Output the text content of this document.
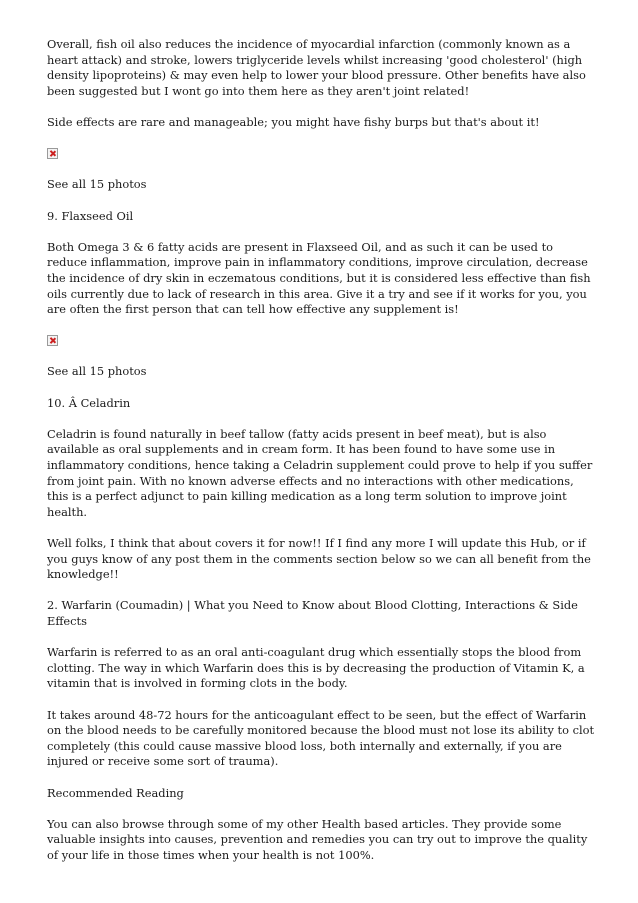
Overall, fish oil also reduces the incidence of myocardial infarction (commonly known as a heart attack) and stroke, lowers triglyceride levels whilst increasing 'good cholesterol' (high density lipoproteins) & may even help to lower your blood pressure. Other benefits have also been suggested but I wont go into them here as they aren't joint related!

Side effects are rare and manageable; you might have fishy burps but that's about it!

See all 15 photos

9. Flaxseed Oil

Both Omega 3 & 6 fatty acids are present in Flaxseed Oil, and as such it can be used to reduce inflammation, improve pain in inflammatory conditions, improve circulation, decrease the incidence of dry skin in eczematous conditions, but it is considered less effective than fish oils currently due to lack of research in this area. Give it a try and see if it works for you, you are often the first person that can tell how effective any supplement is!

See all 15 photos

10. Â Celadrin

Celadrin is found naturally in beef tallow (fatty acids present in beef meat), but is also available as oral supplements and in cream form. It has been found to have some use in inflammatory conditions, hence taking a Celadrin supplement could prove to help if you suffer from joint pain. With no known adverse effects and no interactions with other medications, this is a perfect adjunct to pain killing medication as a long term solution to improve joint health.

Well folks, I think that about covers it for now!! If I find any more I will update this Hub, or if you guys know of any post them in the comments section below so we can all benefit from the knowledge!!

2. Warfarin (Coumadin) | What you Need to Know about Blood Clotting, Interactions & Side Effects

Warfarin is referred to as an oral anti-coagulant drug which essentially stops the blood from clotting. The way in which Warfarin does this is by decreasing the production of Vitamin K, a vitamin that is involved in forming clots in the body.

It takes around 48-72 hours for the anticoagulant effect to be seen, but the effect of Warfarin on the blood needs to be carefully monitored because the blood must not lose its ability to clot completely (this could cause massive blood loss, both internally and externally, if you are injured or receive some sort of trauma).

Recommended Reading

You can also browse through some of my other Health based articles. They provide some valuable insights into causes, prevention and remedies you can try out to improve the quality of your life in those times when your health is not 100%.
